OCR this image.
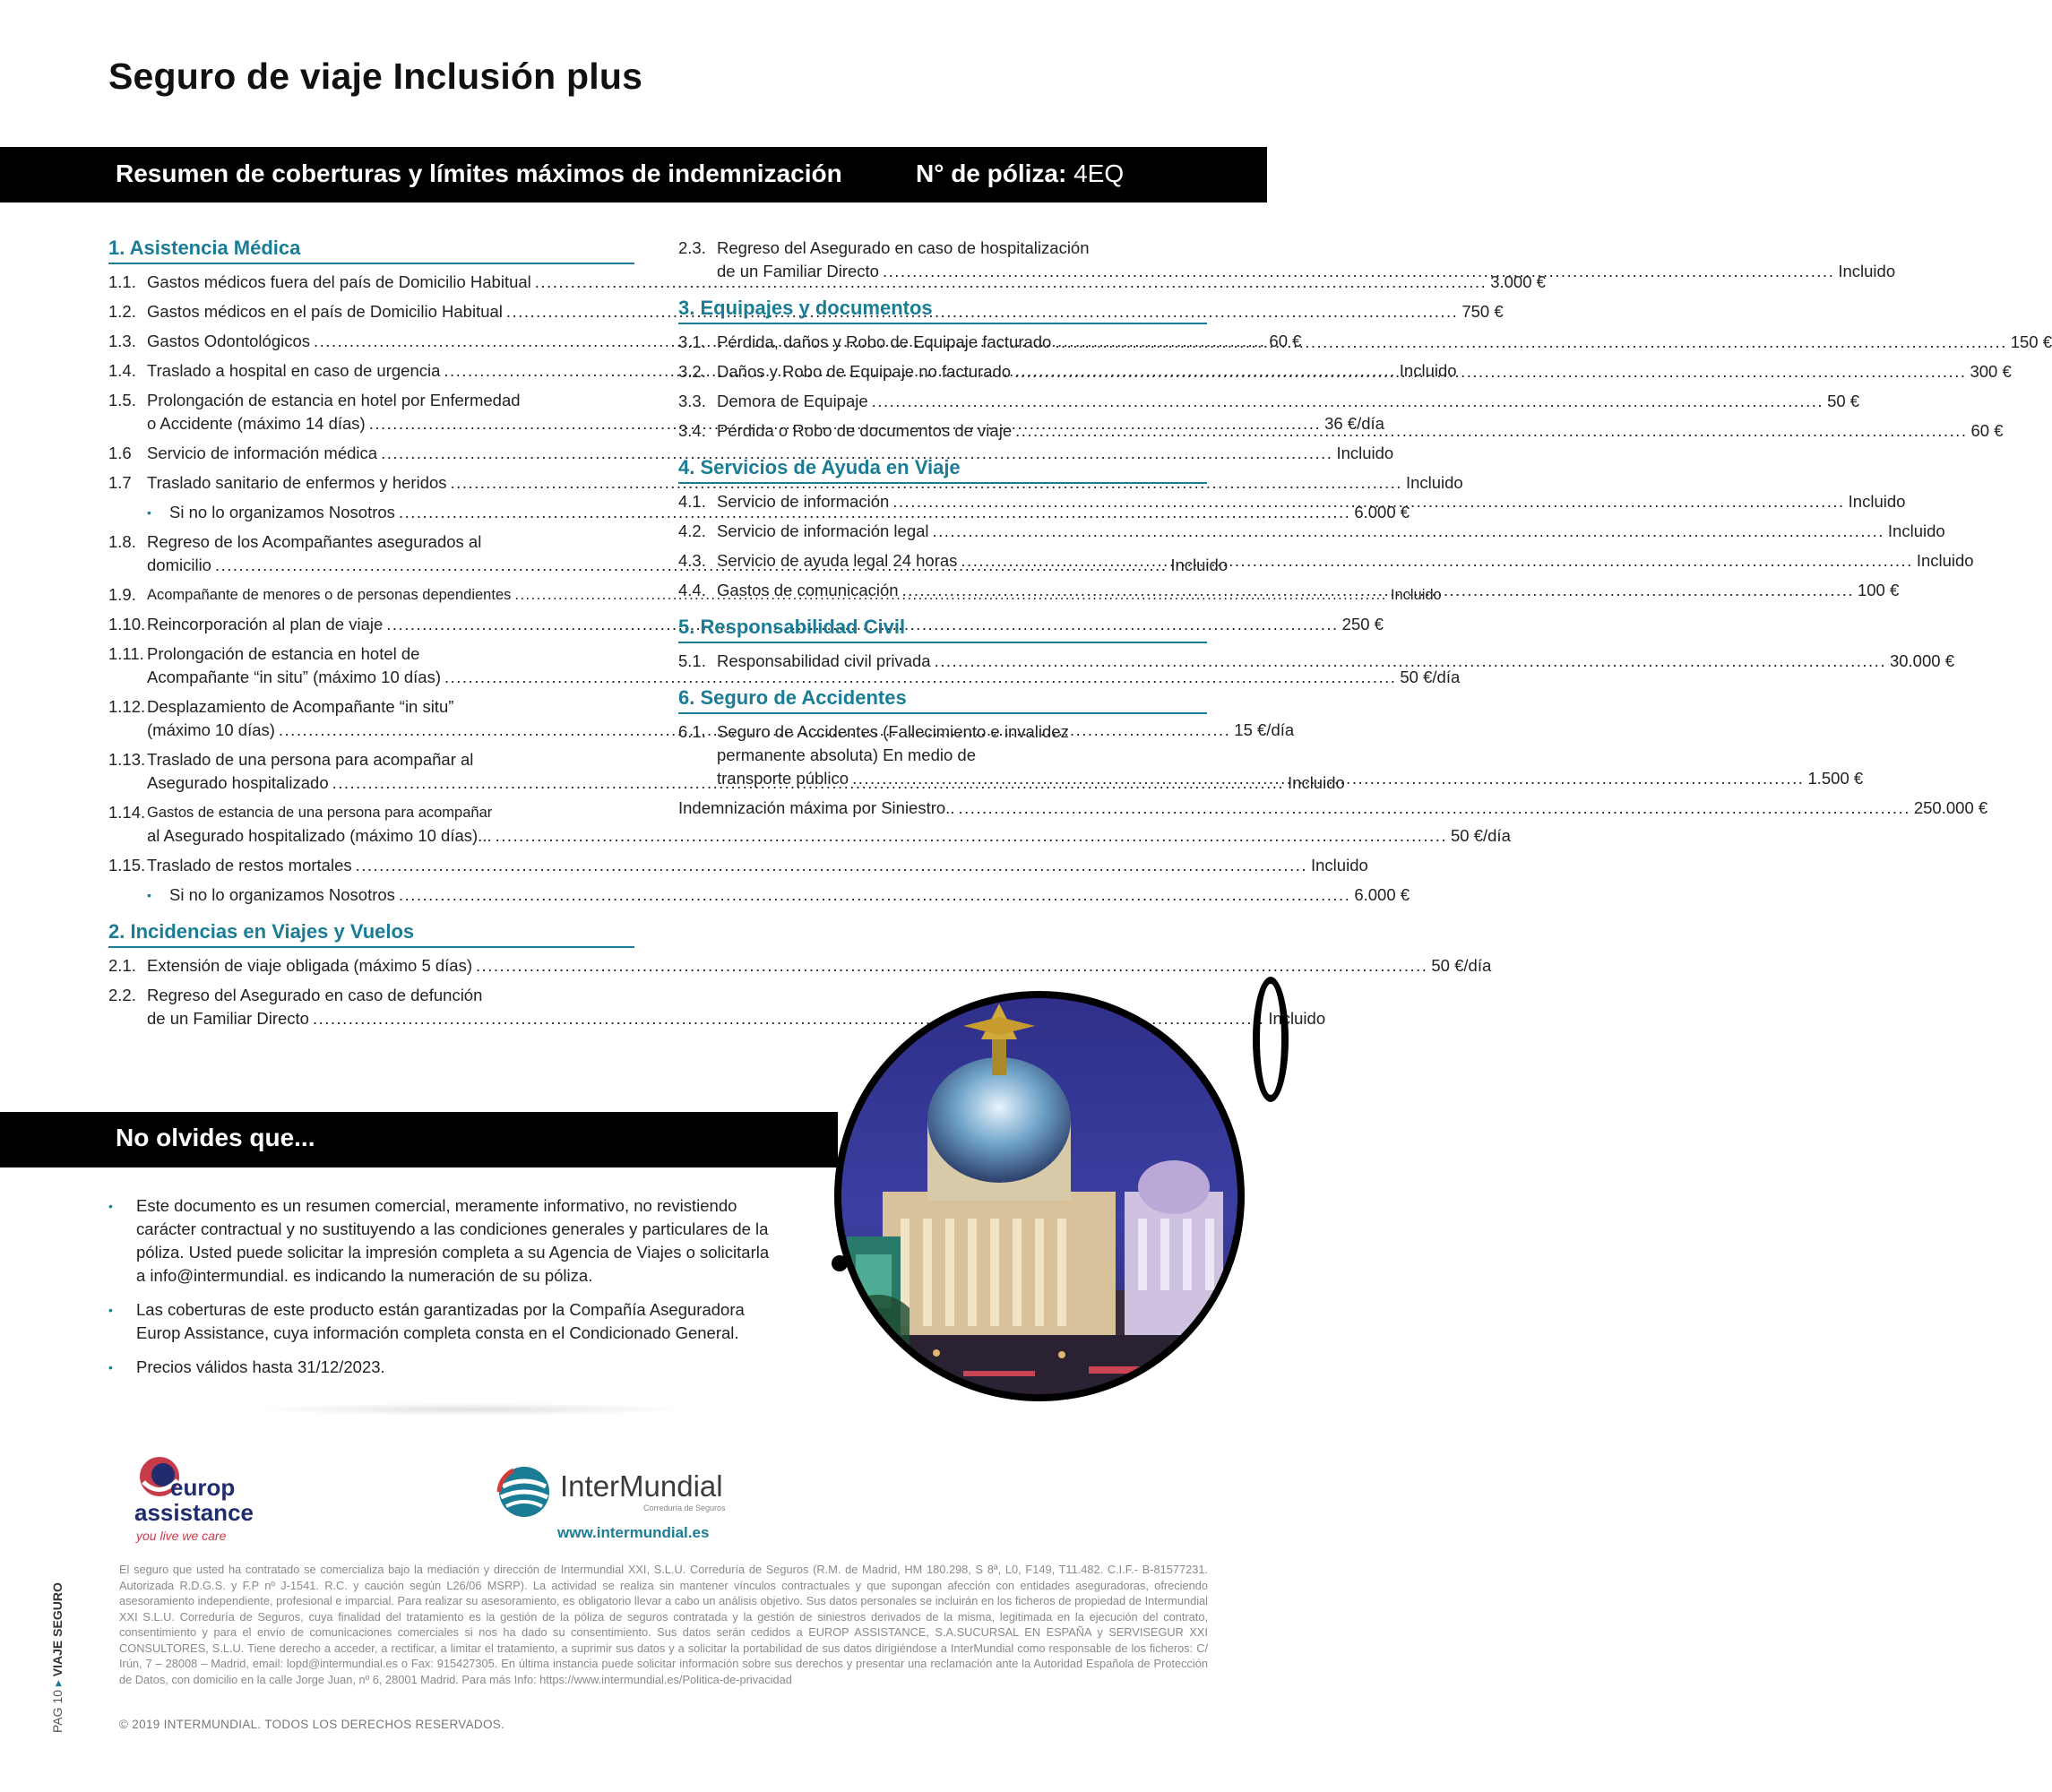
Seguro de viaje Inclusión plus
Resumen de coberturas y límites máximos de indemnización	N° de póliza: 4EQ
1. Asistencia Médica
1.1. Gastos médicos fuera del país de Domicilio Habitual .....	3.000 €
1.2. Gastos médicos en el país de Domicilio Habitual .....	750 €
1.3. Gastos Odontológicos .....	60 €
1.4. Traslado a hospital en caso de urgencia .....	Incluido
1.5. Prolongación de estancia en hotel por Enfermedad
o Accidente (máximo 14 días) .....	36 €/día
1.6 Servicio de información médica .....	Incluido
1.7 Traslado sanitario de enfermos y heridos .....	Incluido
•	Si no lo organizamos Nosotros .....	6.000 €
1.8. Regreso de los Acompañantes asegurados al
domicilio .....	Incluido
1.9. Acompañante de menores o de personas dependientes .....	Incluido
1.10. Reincorporación al plan de viaje .....	250 €
1.11. Prolongación de estancia en hotel de
Acompañante “in situ” (máximo 10 días) .....	50 €/día
1.12. Desplazamiento de Acompañante “in situ”
(máximo 10 días) .....	15 €/día
1.13. Traslado de una persona para acompañar al
Asegurado hospitalizado .....	Incluido
1.14. Gastos de estancia de una persona para acompañar
al Asegurado hospitalizado (máximo 10 días)... .....	50 €/día
1.15. Traslado de restos mortales .....	Incluido
•	Si no lo organizamos Nosotros .....	6.000 €
2. Incidencias en Viajes y Vuelos
2.1. Extensión de viaje obligada (máximo 5 días) .....	50 €/día
2.2. Regreso del Asegurado en caso de defunción
de un Familiar Directo .....	Incluido
2.3. Regreso del Asegurado en caso de hospitalización
de un Familiar Directo .....	Incluido
3. Equipajes y documentos
3.1. Pérdida, daños y Robo de Equipaje facturado .....	150 €
3.2. Daños y Robo de Equipaje no facturado .....	300 €
3.3. Demora de Equipaje .....	50 €
3.4. Pérdida o Robo de documentos de viaje .....	60 €
4. Servicios de Ayuda en Viaje
4.1. Servicio de información .....	Incluido
4.2. Servicio de información legal .....	Incluido
4.3. Servicio de ayuda legal 24 horas .....	Incluido
4.4. Gastos de comunicación .....	100 €
5. Responsabilidad Civil
5.1. Responsabilidad civil privada .....	30.000 €
6. Seguro de Accidentes
6.1. Seguro de Accidentes (Fallecimiento e invalidez
permanente absoluta) En medio de
transporte público .....	1.500 €
Indemnización máxima por Siniestro.. .....	250.000 €
No olvides que...
•	Este documento es un resumen comercial, meramente informativo, no revistiendo carácter contractual y no sustituyendo a las condiciones generales y particulares de la póliza. Usted puede solicitar la impresión completa a su Agencia de Viajes o solicitarla a info@intermundial. es indicando la numeración de su póliza.
•	Las coberturas de este producto están garantizadas por la Compañía Aseguradora Europ Assistance, cuya información completa consta en el Condicionado General.
•	Precios válidos hasta 31/12/2023.
europ
assistance
you live we care
InterMundial
Correduría de Seguros
www.intermundial.es
El seguro que usted ha contratado se comercializa bajo la mediación y dirección de Intermundial XXI, S.L.U. Correduría de Seguros (R.M. de Madrid, HM 180.298, S 8ª, L0, F149, T11.482. C.I.F.- B-81577231. Autorizada R.D.G.S. y F.P nº J-1541. R.C. y caución según L26/06 MSRP). La actividad se realiza sin mantener vínculos contractuales y que supongan afección con entidades aseguradoras, ofreciendo asesoramiento independiente, profesional e imparcial. Para realizar su asesoramiento, es obligatorio llevar a cabo un análisis objetivo. Sus datos personales se incluirán en los ficheros de propiedad de Intermundial XXI S.L.U. Correduría de Seguros, cuya finalidad del tratamiento es la gestión de la póliza de seguros contratada y la gestión de siniestros derivados de la misma, legitimada en la ejecución del contrato, consentimiento y para el envío de comunicaciones comerciales si nos ha dado su consentimiento. Sus datos serán cedidos a EUROP ASSISTANCE, S.A.SUCURSAL EN ESPAÑA y SERVISEGUR XXI CONSULTORES, S.L.U. Tiene derecho a acceder, a rectificar, a limitar el tratamiento, a suprimir sus datos y a solicitar la portabilidad de sus datos dirigiéndose a InterMundial como responsable de los ficheros: C/ Irún, 7 – 28008 – Madrid, email: lopd@intermundial.es o Fax: 915427305. En última instancia puede solicitar información sobre sus derechos y presentar una reclamación ante la Autoridad Española de Protección de Datos, con domicilio en la calle Jorge Juan, nº 6, 28001 Madrid. Para más Info: https://www.intermundial.es/Politica-de-privacidad
© 2019 INTERMUNDIAL. TODOS LOS DERECHOS RESERVADOS.
PAG 10 ▸ VIAJE SEGURO
